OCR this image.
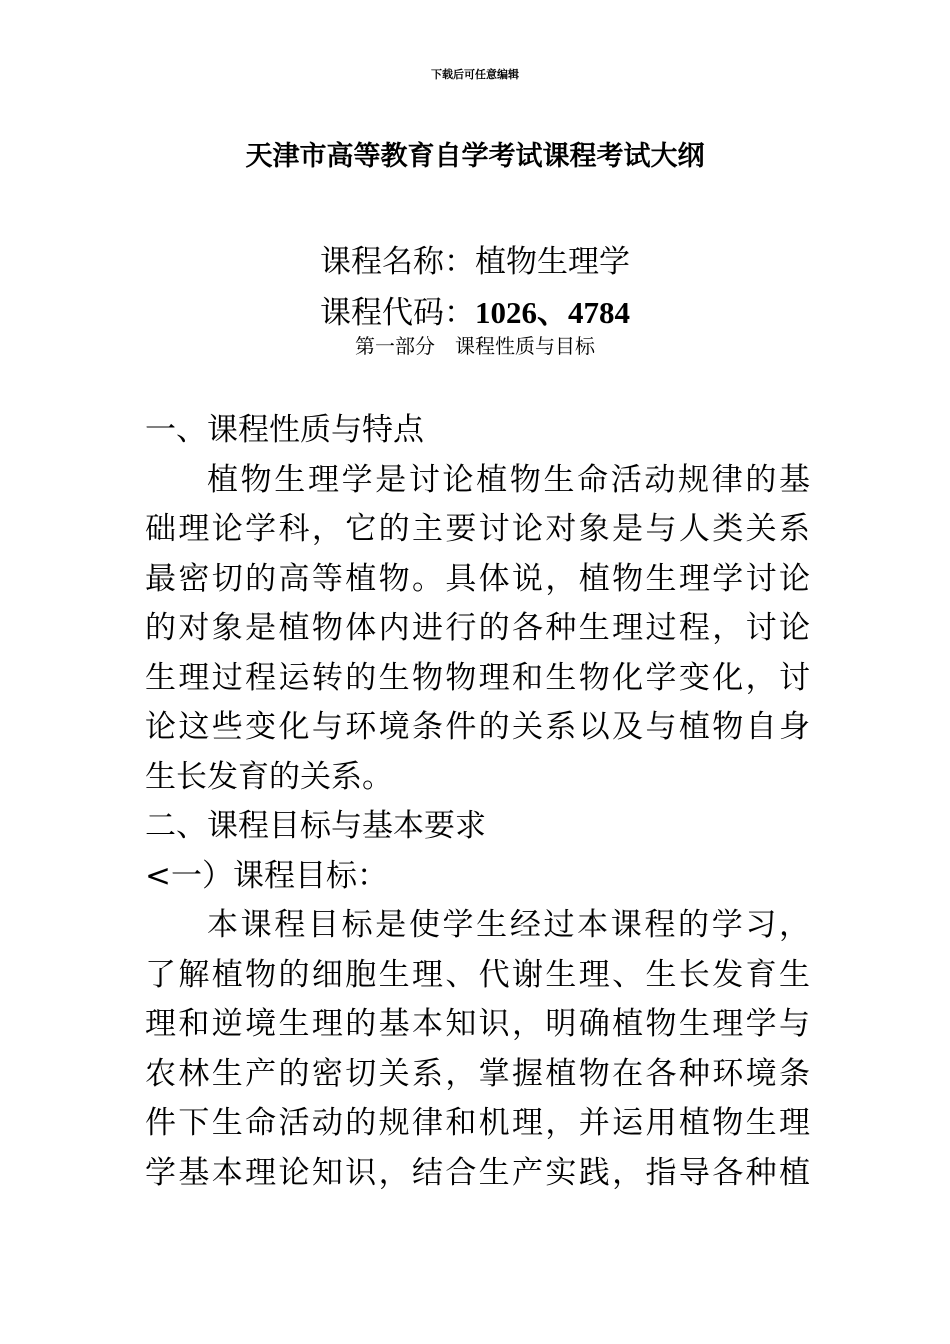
下载后可任意编辑
天津市高等教育自学考试课程考试大纲
课程名称：植物生理学
课程代码：1026、4784
第一部分　课程性质与目标
一、课程性质与特点
植物生理学是讨论植物生命活动规律的基
础理论学科，它的主要讨论对象是与人类关系
最密切的高等植物。具体说，植物生理学讨论
的对象是植物体内进行的各种生理过程，讨论
生理过程运转的生物物理和生物化学变化，讨
论这些变化与环境条件的关系以及与植物自身
生长发育的关系。
二、课程目标与基本要求
<一）课程目标：
本课程目标是使学生经过本课程的学习，
了解植物的细胞生理、代谢生理、生长发育生
理和逆境生理的基本知识，明确植物生理学与
农林生产的密切关系，掌握植物在各种环境条
件下生命活动的规律和机理，并运用植物生理
学基本理论知识，结合生产实践，指导各种植
